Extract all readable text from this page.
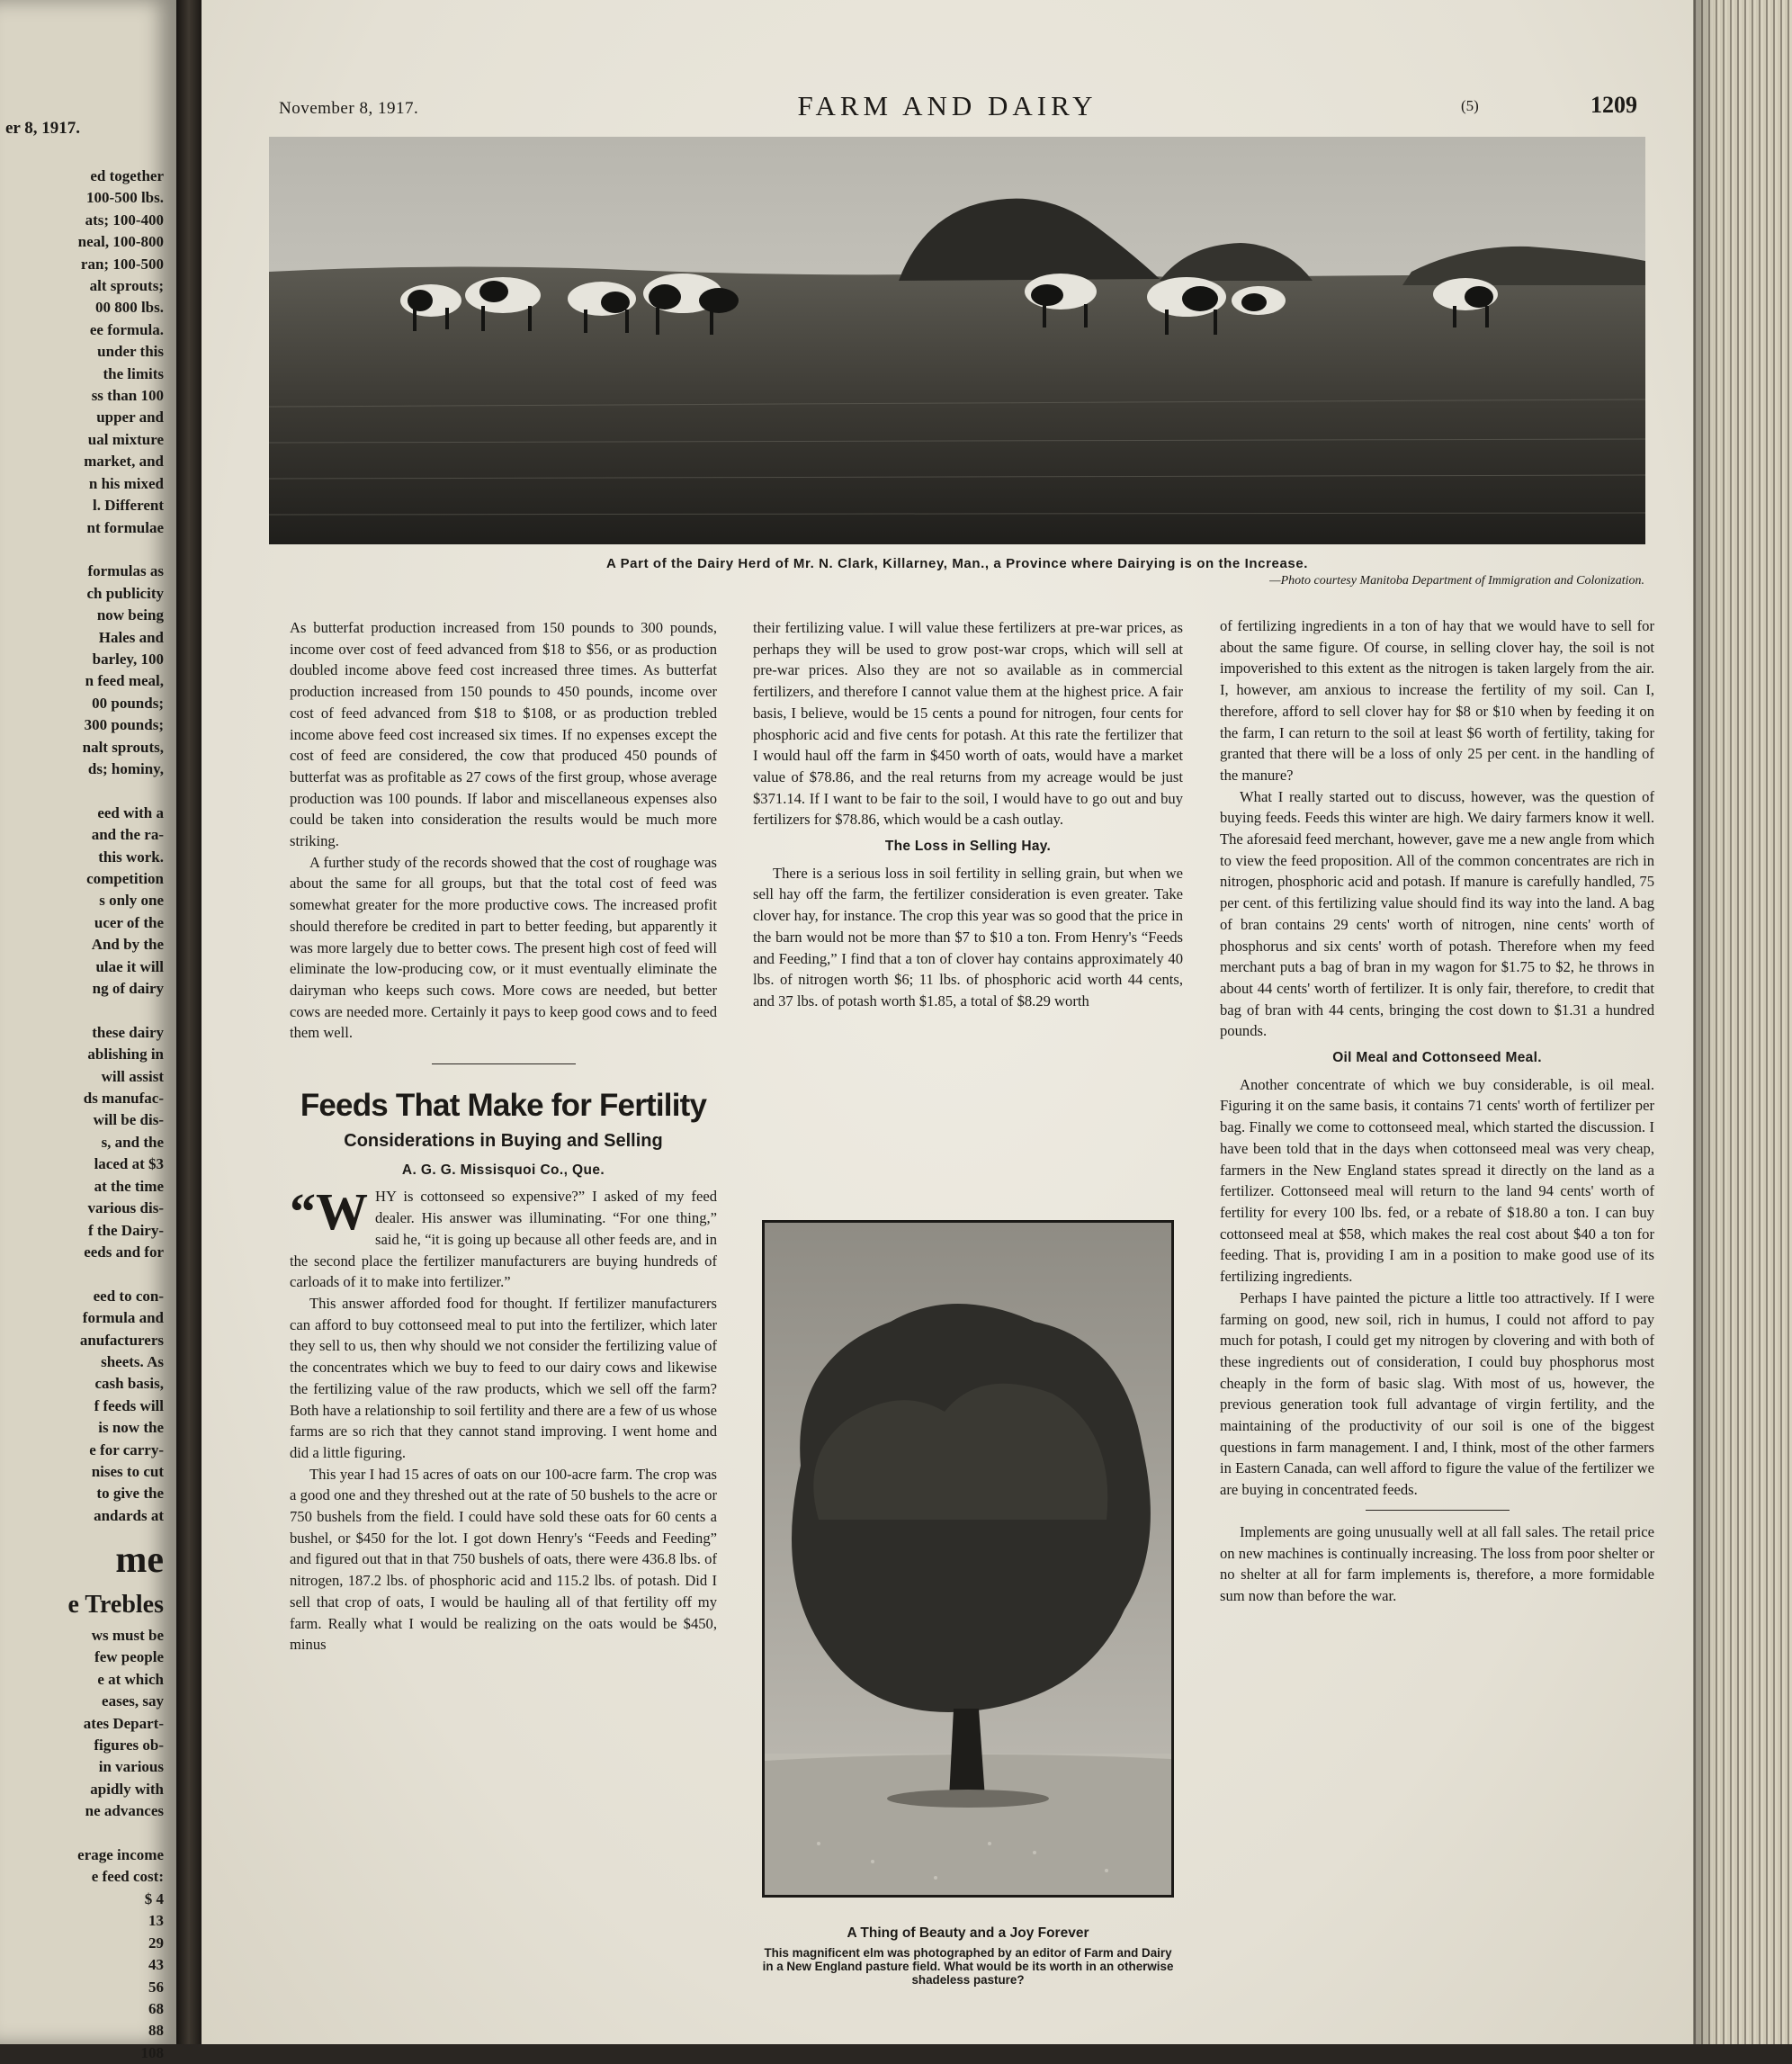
er 8, 1917.
ed together
100-500 lbs.
ats; 100-400
neal, 100-800
ran; 100-500
alt sprouts;
00 800 lbs.
ee formula.
under this
the limits
ss than 100
upper and
ual mixture
market, and
n his mixed
l. Different
nt formulae

formulas as
ch publicity
now being
Hales and
barley, 100
n feed meal,
00 pounds;
300 pounds;
nalt sprouts,
ds; hominy,

eed with a
and the ra-
this work.
competition
s only one
ucer of the
And by the
ulae it will
ng of dairy

these dairy
ablishing in
will assist
ds manufac-
will be dis-
s, and the
laced at $3
at the time
various dis-
f the Dairy-
eeds and for

eed to con-
formula and
anufacturers
sheets. As
cash basis,
f feeds will
is now the
e for carry-
nises to cut
to give the
andards at
me
e Trebles
ws must be
few people
e at which
eases, say
ates Depart-
figures ob-
in various
apidly with
ne advances

erage income
e feed cost:
$ 4
13
29
43
56
68
88
108
November 8, 1917.	FARM AND DAIRY	(5)	1209
A Part of the Dairy Herd of Mr. N. Clark, Killarney, Man., a Province where Dairying is on the Increase.
—Photo courtesy Manitoba Department of Immigration and Colonization.

As butterfat production increased from 150 pounds to 300 pounds, income over cost of feed advanced from $18 to $56, or as production doubled income above feed cost increased three times. As butterfat production increased from 150 pounds to 450 pounds, income over cost of feed advanced from $18 to $108, or as production trebled income above feed cost increased six times. If no expenses except the cost of feed are considered, the cow that produced 450 pounds of butterfat was as profitable as 27 cows of the first group, whose average production was 100 pounds. If labor and miscellaneous expenses also could be taken into consideration the results would be much more striking.

A further study of the records showed that the cost of roughage was about the same for all groups, but that the total cost of feed was somewhat greater for the more productive cows. The increased profit should therefore be credited in part to better feeding, but apparently it was more largely due to better cows. The present high cost of feed will eliminate the low-producing cow, or it must eventually eliminate the dairyman who keeps such cows. More cows are needed, but better cows are needed more. Certainly it pays to keep good cows and to feed them well.

Feeds That Make for Fertility
Considerations in Buying and Selling
A. G. G. Missisquoi Co., Que.

“WHY is cottonseed so expensive?” I asked of my feed dealer. His answer was illuminating. “For one thing,” said he, “it is going up because all other feeds are, and in the second place the fertilizer manufacturers are buying hundreds of carloads of it to make into fertilizer.”

This answer afforded food for thought. If fertilizer manufacturers can afford to buy cottonseed meal to put into the fertilizer, which later they sell to us, then why should we not consider the fertilizing value of the concentrates which we buy to feed to our dairy cows and likewise the fertilizing value of the raw products, which we sell off the farm? Both have a relationship to soil fertility and there are a few of us whose farms are so rich that they cannot stand improving. I went home and did a little figuring.

This year I had 15 acres of oats on our 100-acre farm. The crop was a good one and they threshed out at the rate of 50 bushels to the acre or 750 bushels from the field. I could have sold these oats for 60 cents a bushel, or $450 for the lot. I got down Henry's “Feeds and Feeding” and figured out that in that 750 bushels of oats, there were 436.8 lbs. of nitrogen, 187.2 lbs. of phosphoric acid and 115.2 lbs. of potash. Did I sell that crop of oats, I would be hauling all of that fertility off my farm. Really what I would be realizing on the oats would be $450, minus

their fertilizing value. I will value these fertilizers at pre-war prices, as perhaps they will be used to grow post-war crops, which will sell at pre-war prices. Also they are not so available as in commercial fertilizers, and therefore I cannot value them at the highest price. A fair basis, I believe, would be 15 cents a pound for nitrogen, four cents for phosphoric acid and five cents for potash. At this rate the fertilizer that I would haul off the farm in $450 worth of oats, would have a market value of $78.86, and the real returns from my acreage would be just $371.14. If I want to be fair to the soil, I would have to go out and buy fertilizers for $78.86, which would be a cash outlay.

The Loss in Selling Hay.

There is a serious loss in soil fertility in selling grain, but when we sell hay off the farm, the fertilizer consideration is even greater. Take clover hay, for instance. The crop this year was so good that the price in the barn would not be more than $7 to $10 a ton. From Henry's “Feeds and Feeding,” I find that a ton of clover hay contains approximately 40 lbs. of nitrogen worth $6; 11 lbs. of phosphoric acid worth 44 cents, and 37 lbs. of potash worth $1.85, a total of $8.29 worth

A Thing of Beauty and a Joy Forever
This magnificent elm was photographed by an editor of Farm and Dairy in a New England pasture field. What would be its worth in an otherwise shadeless pasture?

of fertilizing ingredients in a ton of hay that we would have to sell for about the same figure. Of course, in selling clover hay, the soil is not impoverished to this extent as the nitrogen is taken largely from the air. I, however, am anxious to increase the fertility of my soil. Can I, therefore, afford to sell clover hay for $8 or $10 when by feeding it on the farm, I can return to the soil at least $6 worth of fertility, taking for granted that there will be a loss of only 25 per cent. in the handling of the manure?

What I really started out to discuss, however, was the question of buying feeds. Feeds this winter are high. We dairy farmers know it well. The aforesaid feed merchant, however, gave me a new angle from which to view the feed proposition. All of the common concentrates are rich in nitrogen, phosphoric acid and potash. If manure is carefully handled, 75 per cent. of this fertilizing value should find its way into the land. A bag of bran contains 29 cents' worth of nitrogen, nine cents' worth of phosphorus and six cents' worth of potash. Therefore when my feed merchant puts a bag of bran in my wagon for $1.75 to $2, he throws in about 44 cents' worth of fertilizer. It is only fair, therefore, to credit that bag of bran with 44 cents, bringing the cost down to $1.31 a hundred pounds.

Oil Meal and Cottonseed Meal.

Another concentrate of which we buy considerable, is oil meal. Figuring it on the same basis, it contains 71 cents' worth of fertilizer per bag. Finally we come to cottonseed meal, which started the discussion. I have been told that in the days when cottonseed meal was very cheap, farmers in the New England states spread it directly on the land as a fertilizer. Cottonseed meal will return to the land 94 cents' worth of fertility for every 100 lbs. fed, or a rebate of $18.80 a ton. I can buy cottonseed meal at $58, which makes the real cost about $40 a ton for feeding. That is, providing I am in a position to make good use of its fertilizing ingredients.

Perhaps I have painted the picture a little too attractively. If I were farming on good, new soil, rich in humus, I could not afford to pay much for potash, I could get my nitrogen by clovering and with both of these ingredients out of consideration, I could buy phosphorus most cheaply in the form of basic slag. With most of us, however, the previous generation took full advantage of virgin fertility, and the maintaining of the productivity of our soil is one of the biggest questions in farm management. I and, I think, most of the other farmers in Eastern Canada, can well afford to figure the value of the fertilizer we are buying in concentrated feeds.

Implements are going unusually well at all fall sales. The retail price on new machines is continually increasing. The loss from poor shelter or no shelter at all for farm implements is, therefore, a more formidable sum now than before the war.
